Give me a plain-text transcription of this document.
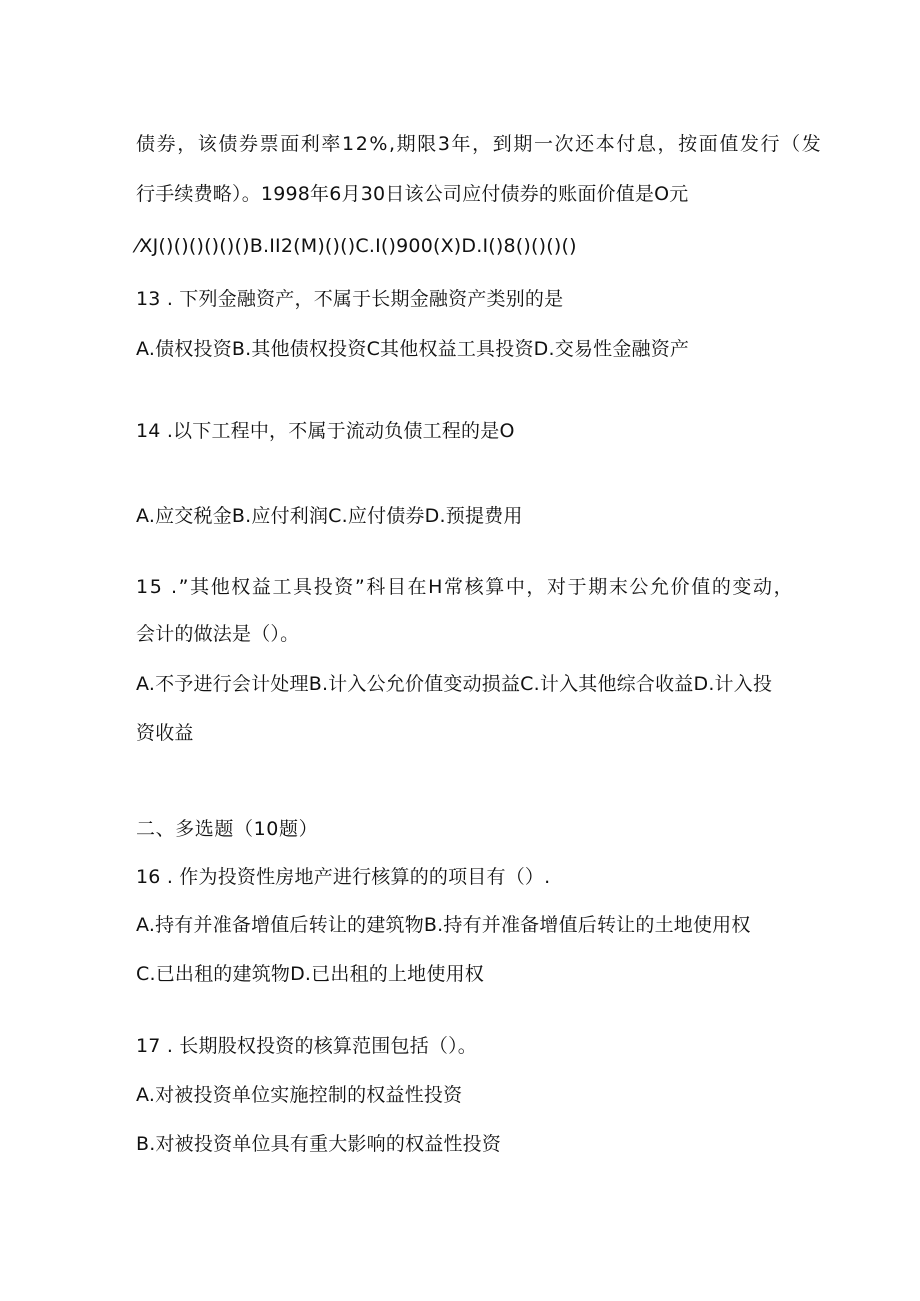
债券，该债券票面利率12%,期限3年，到期一次还本付息，按面值发行（发
行手续费略）。1998年6月30日该公司应付债券的账面价值是O元
⁄XJ()()()()()()B.II2(M)()()C.I()900(X)D.I()8()()()()
13 . 下列金融资产，不属于长期金融资产类别的是
A.债权投资B.其他债权投资C其他权益工具投资D.交易性金融资产
14 .以下工程中，不属于流动负债工程的是O
A.应交税金B.应付利润C.应付债券D.预提费用
15 .”其他权益工具投资”科目在H常核算中，对于期末公允价值的变动，
会计的做法是（）。
A.不予进行会计处理B.计入公允价值变动损益C.计入其他综合收益D.计入投
资收益
二、多选题（10题）
16 . 作为投资性房地产进行核算的的项目有（）.
A.持有并准备增值后转让的建筑物B.持有并准备增值后转让的土地使用权
C.已出租的建筑物D.已出租的上地使用权
17 . 长期股权投资的核算范围包括（）。
A.对被投资单位实施控制的权益性投资
B.对被投资单位具有重大影响的权益性投资
